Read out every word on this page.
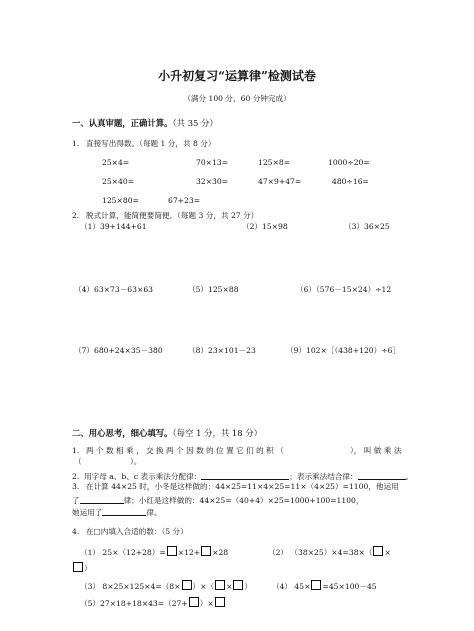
小升初复习“运算律”检测试卷
（满分 100 分，60 分钟完成）
一、认真审题，正确计算。（共 35 分）
1. 直接写出得数。（每题 1 分，共 8 分）
25×4=	70×13=	125×8=	1000÷20=
25×40=	32×30=	47×9+47=	480÷16=
125×80=	67+23=
2. 脱式计算，能简便要简便。（每题 3 分，共 27 分）
（1）39+144+61	（2）15×98	（3）36×25
（4）63×73－63×63	（5）125×88	（6）（576－15×24）÷12
（7）680+24×35－380	（8）23×101－23	（9）102×［（438+120）÷6］
二、用心思考，细心填写。（每空 1 分，共 18 分）
1. 两 个 数 相 乘 ， 交 换 两 个 因 数 的 位 置 它 们 的 积 （	）， 叫 做 乘 法
（	）。
2. 用字母 a、b、c 表示乘法分配律：	；表示乘法结合律：	。
3. 在计算 44×25 时，小冬是这样做的：44×25=11×4×25=11×（4×25）=1100，他运用
了	律；小红是这样做的：44×25=（40+4）×25=1000+100=1100，
她运用了	律。
4. 在□内填入合适的数：（5 分）
（1） 25×（12+28）= ×12+ ×28	（2） （38×25）×4=38×（ ×
）
（3） 8×25×125×4=（8× ）×（ × ）	（4） 45× =45×100－45
（5）27×18+18×43=（27+ ）×
